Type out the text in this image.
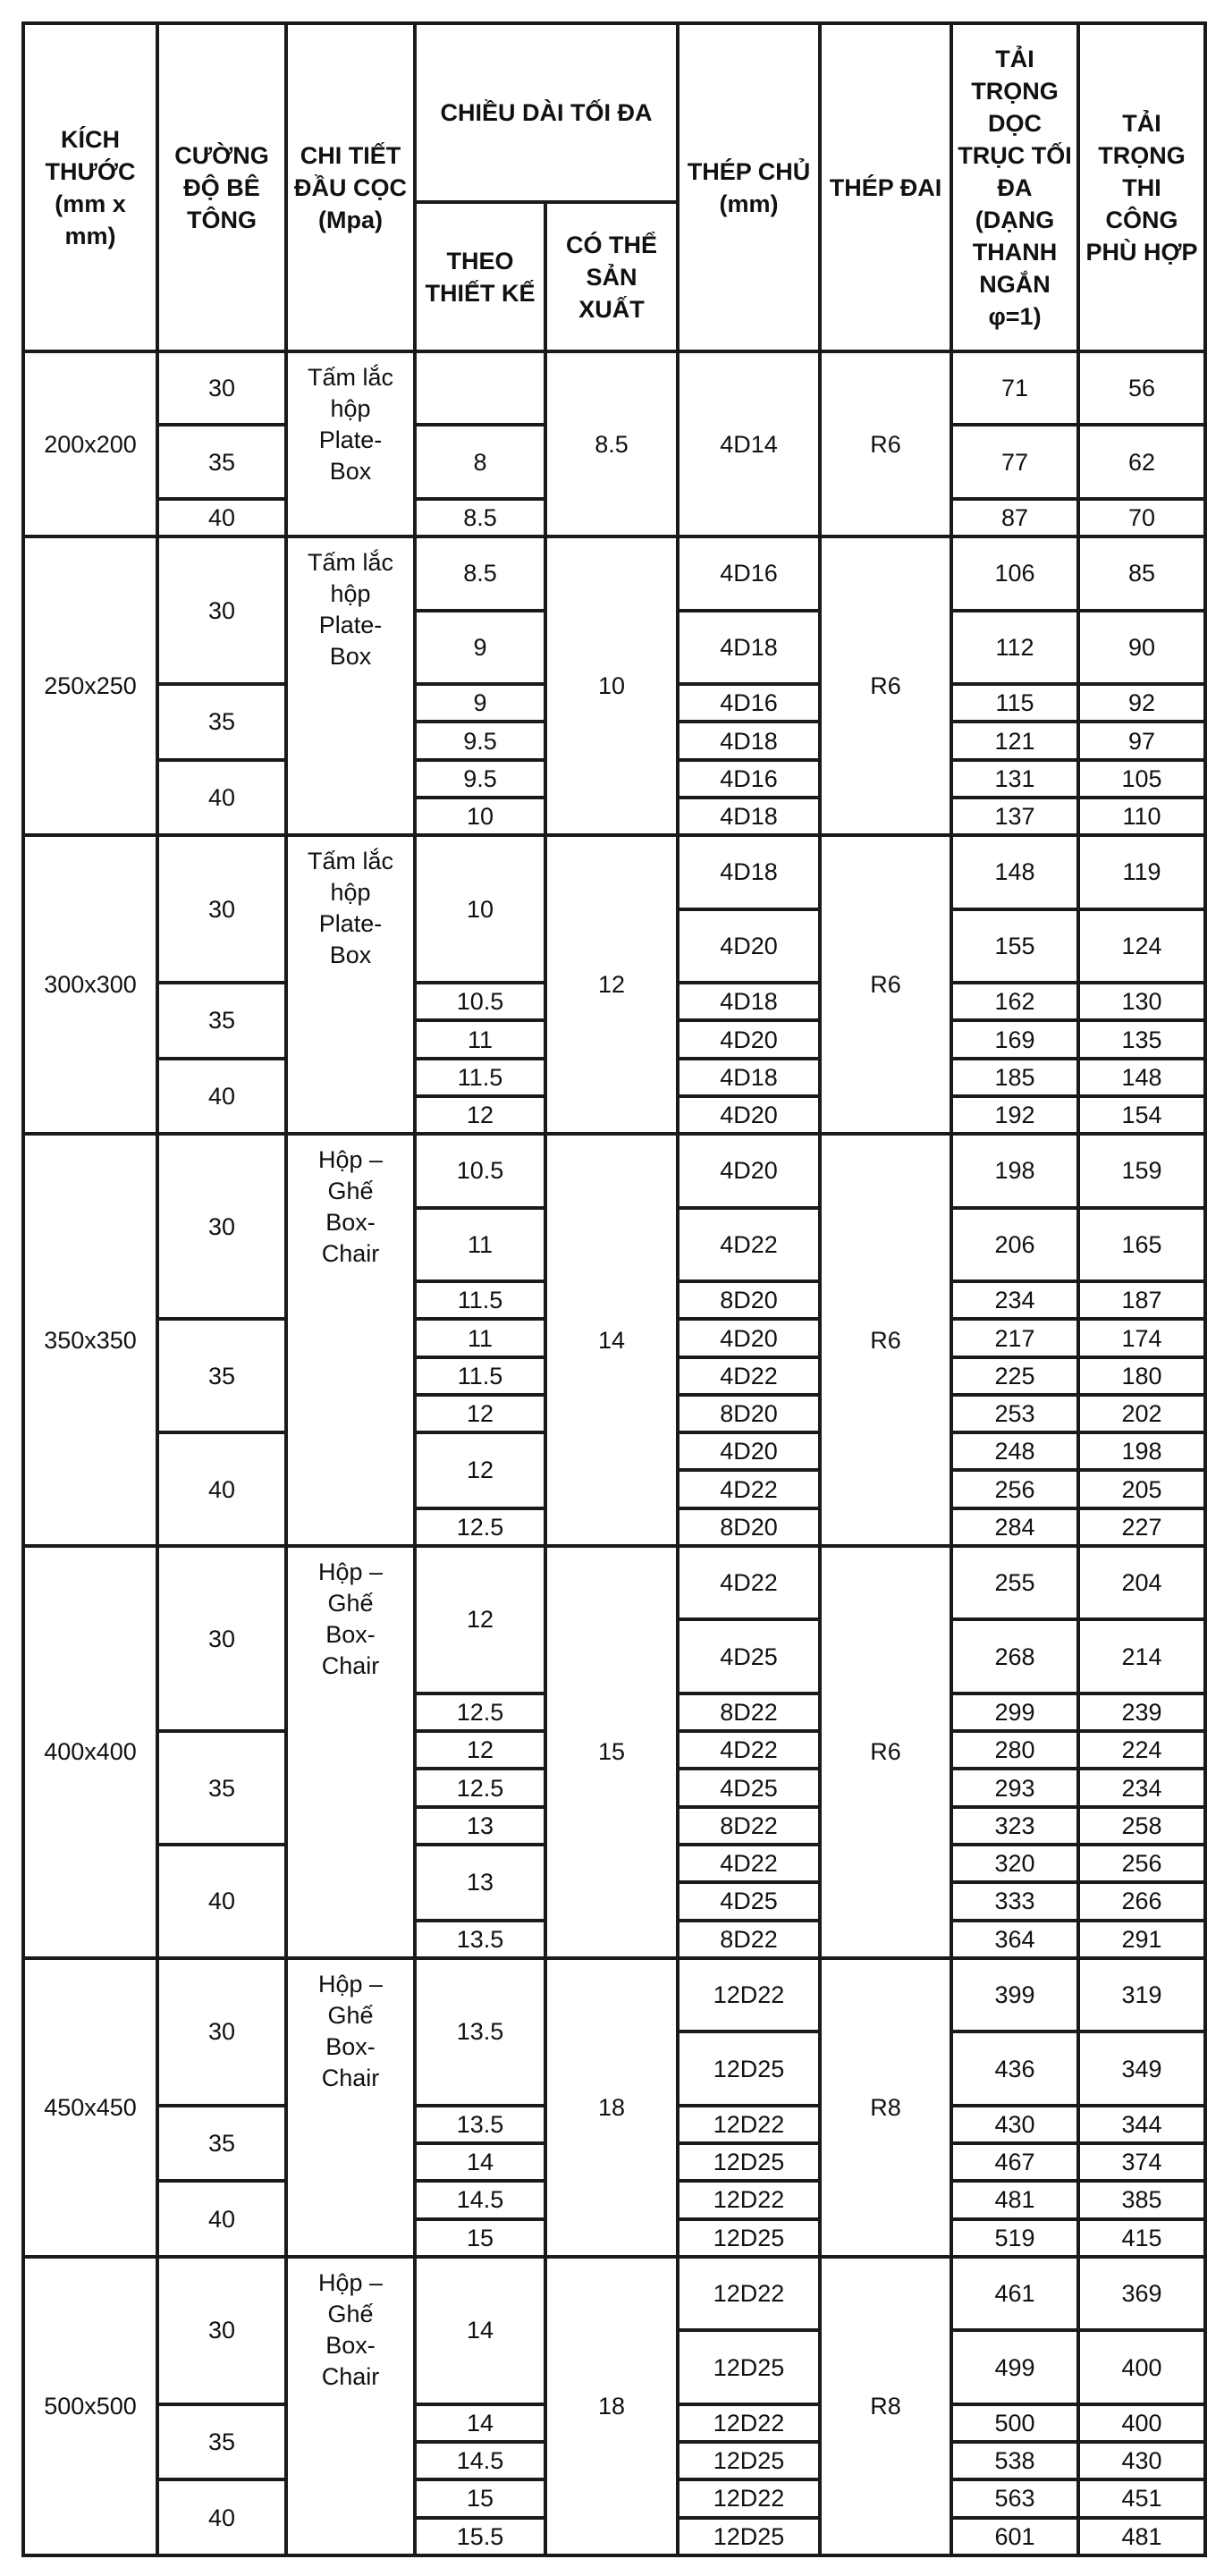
KÍCH THƯỚC (mm x mm)	CƯỜNG ĐỘ BÊ TÔNG	CHI TIẾT ĐẦU CỌC (Mpa)	CHIỀU DÀI TỐI ĐA		THÉP CHỦ (mm)	THÉP ĐAI	TẢI TRỌNG DỌC TRỤC TỐI ĐA (DẠNG THANH NGẮN φ=1)	TẢI TRỌNG THI CÔNG PHÙ HỢP
			THEO THIẾT KẾ	CÓ THỂ SẢN XUẤT				
200x200	30	Tấm lắc
hộp
Plate-
Box		8.5	4D14	R6	71	56
	35		8				77	62
	40		8.5				87	70
250x250	30	Tấm lắc
hộp
Plate-
Box	8.5	10	4D16	R6	106	85
			9		4D18		112	90
	35		9		4D16		115	92
			9.5		4D18		121	97
	40		9.5		4D16		131	105
			10		4D18		137	110
300x300	30	Tấm lắc
hộp
Plate-
Box	10	12	4D18	R6	148	119
					4D20		155	124
	35		10.5		4D18		162	130
			11		4D20		169	135
	40		11.5		4D18		185	148
			12		4D20		192	154
350x350	30	Hộp –
Ghế
Box-
Chair	10.5	14	4D20	R6	198	159
			11		4D22		206	165
			11.5		8D20		234	187
	35		11		4D20		217	174
			11.5		4D22		225	180
			12		8D20		253	202
	40		12		4D20		248	198
					4D22		256	205
			12.5		8D20		284	227
400x400	30	Hộp –
Ghế
Box-
Chair	12	15	4D22	R6	255	204
					4D25		268	214
			12.5		8D22		299	239
	35		12		4D22		280	224
			12.5		4D25		293	234
			13		8D22		323	258
	40		13		4D22		320	256
					4D25		333	266
			13.5		8D22		364	291
450x450	30	Hộp –
Ghế
Box-
Chair	13.5	18	12D22	R8	399	319
					12D25		436	349
	35		13.5		12D22		430	344
			14		12D25		467	374
	40		14.5		12D22		481	385
			15		12D25		519	415
500x500	30	Hộp –
Ghế
Box-
Chair	14	18	12D22	R8	461	369
					12D25		499	400
	35		14		12D22		500	400
			14.5		12D25		538	430
	40		15		12D22		563	451
			15.5		12D25		601	481
